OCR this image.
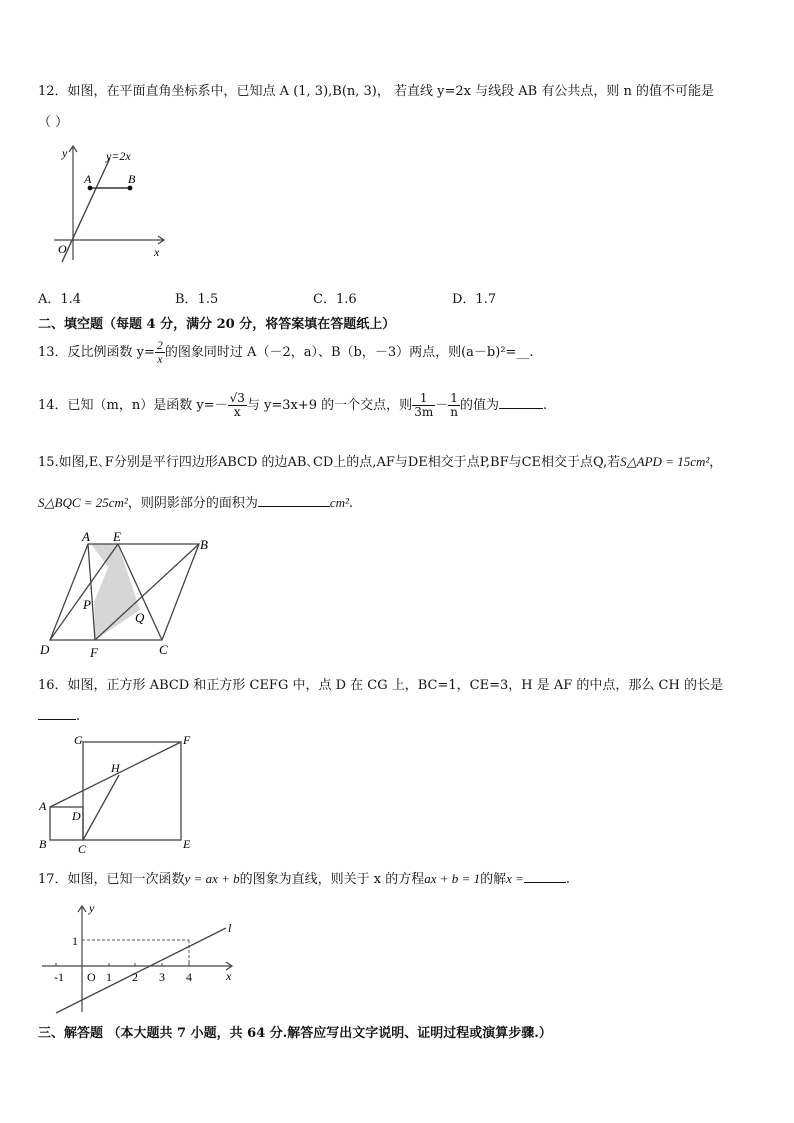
12．如图，在平面直角坐标系中，已知点 A (1, 3),B(n, 3)， 若直线 y=2x 与线段 AB 有公共点，则 n 的值不可能是
（ ）
y
x
O
y=2x
A	B
A．1.4	B．1.5	C．1.6	D．1.7
二、填空题（每题 4 分，满分 20 分，将答案填在答题纸上）
13．反比例函数 $y= \frac{2}{x}$ 的图象同时过 A（－2，a）、B（b，－3）两点，则(a－b)²=__.
14．已知（m，n）是函数 $y=- \frac{√3}{x}$ 与 y=3x+9 的一个交点，则 $\frac{1}{3m} - \frac{1}{n}$ 的值为	.
15.如图,E､F分别是平行四边形ABCD 的边AB､CD上的点,AF与DE相交于点P,BF与CE相交于点Q,若S△APD = 15cm²，
S△BQC = 25cm²，则阴影部分的面积为	cm².
A E
B
P
Q
D	F	C
16．如图，正方形 ABCD 和正方形 CEFG 中，点 D 在 CG 上，BC=1，CE=3，H 是 AF 的中点，那么 CH 的长是
.
G	F
H
A
D
B	C	E
17．如图，已知一次函数y = ax + b的图象为直线，则关于 x 的方程ax + b = 1的解x =	.
y
x
l
O
1
-1	1 2 3 4
三、解答题 （本大题共 7 小题，共 64 分.解答应写出文字说明、证明过程或演算步骤.）
